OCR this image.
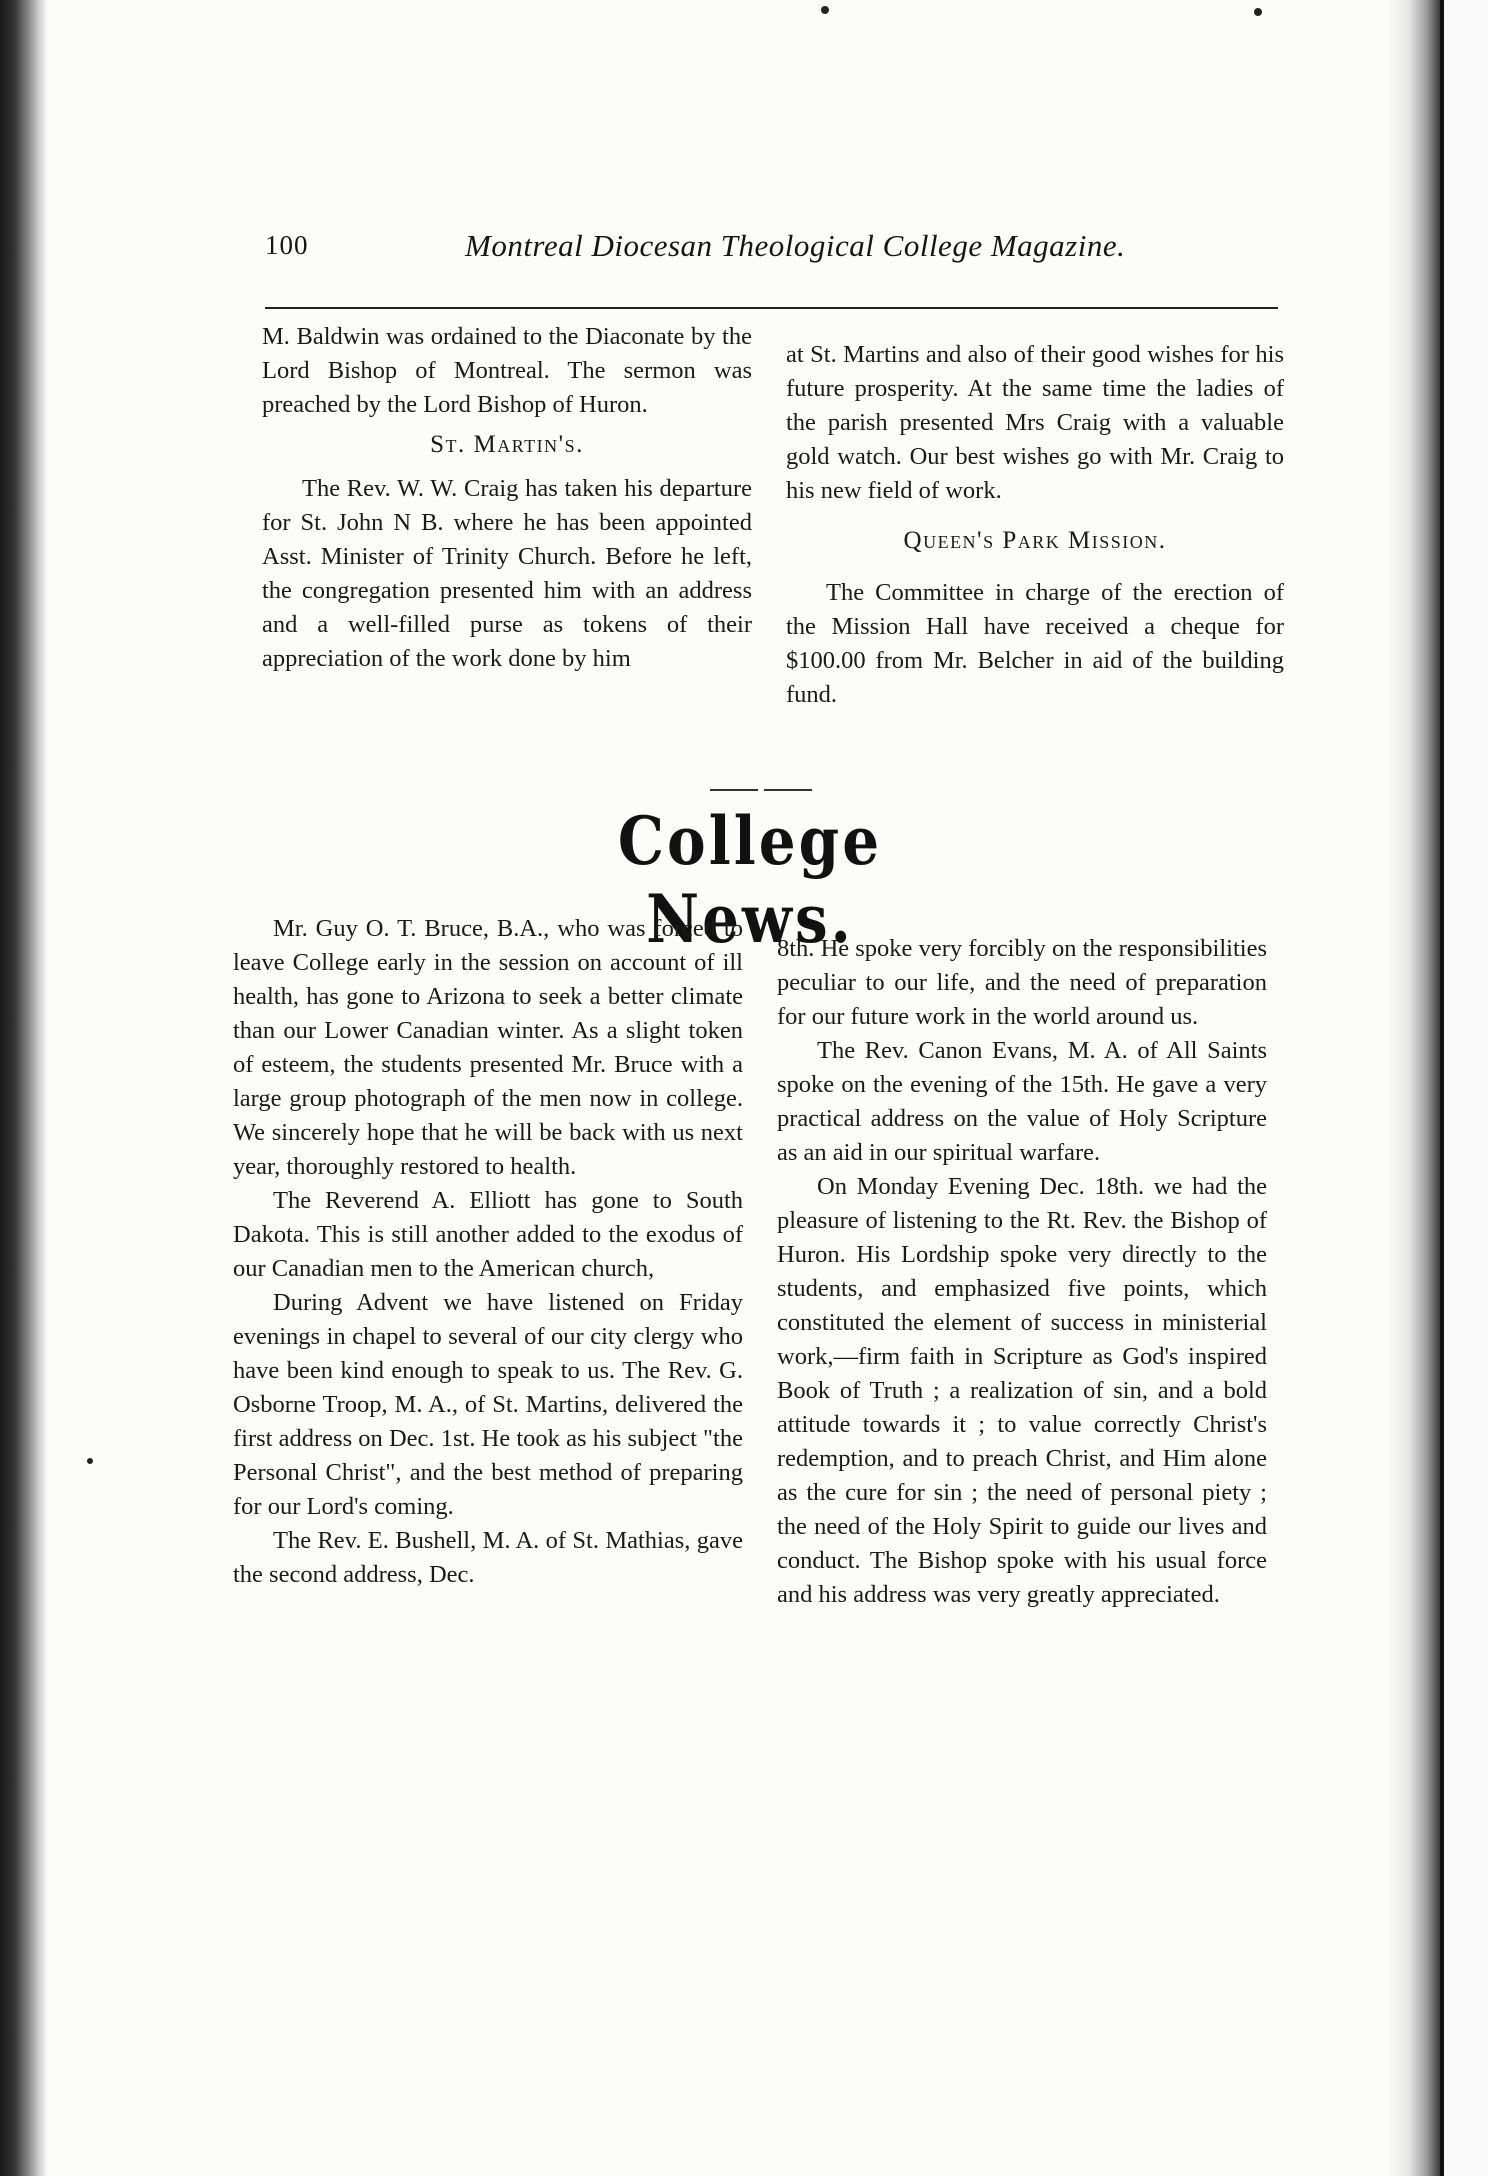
100	Montreal Diocesan Theological College Magazine.

M. Baldwin was ordained to the Diaconate by the Lord Bishop of Montreal. The sermon was preached by the Lord Bishop of Huron.

St. Martin's.

The Rev. W. W. Craig has taken his departure for St. John N B. where he has been appointed Asst. Minister of Trinity Church. Before he left, the congregation presented him with an address and a well-filled purse as tokens of their appreciation of the work done by him

at St. Martins and also of their good wishes for his future prosperity. At the same time the ladies of the parish presented Mrs Craig with a valuable gold watch. Our best wishes go with Mr. Craig to his new field of work.

Queen's Park Mission.

The Committee in charge of the erection of the Mission Hall have received a cheque for $100.00 from Mr. Belcher in aid of the building fund.

College News.

Mr. Guy O. T. Bruce, B.A., who was forced to leave College early in the session on account of ill health, has gone to Arizona to seek a better climate than our Lower Canadian winter. As a slight token of esteem, the students presented Mr. Bruce with a large group photograph of the men now in college. We sincerely hope that he will be back with us next year, thoroughly restored to health.

The Reverend A. Elliott has gone to South Dakota. This is still another added to the exodus of our Canadian men to the American church,

During Advent we have listened on Friday evenings in chapel to several of our city clergy who have been kind enough to speak to us. The Rev. G. Osborne Troop, M. A., of St. Martins, delivered the first address on Dec. 1st. He took as his subject "the Personal Christ", and the best method of preparing for our Lord's coming.

The Rev. E. Bushell, M. A. of St. Mathias, gave the second address, Dec.

8th. He spoke very forcibly on the responsibilities peculiar to our life, and the need of preparation for our future work in the world around us.

The Rev. Canon Evans, M. A. of All Saints spoke on the evening of the 15th. He gave a very practical address on the value of Holy Scripture as an aid in our spiritual warfare.

On Monday Evening Dec. 18th. we had the pleasure of listening to the Rt. Rev. the Bishop of Huron. His Lordship spoke very directly to the students, and emphasized five points, which constituted the element of success in ministerial work,—firm faith in Scripture as God's inspired Book of Truth ; a realization of sin, and a bold attitude towards it ; to value correctly Christ's redemption, and to preach Christ, and Him alone as the cure for sin ; the need of personal piety ; the need of the Holy Spirit to guide our lives and conduct. The Bishop spoke with his usual force and his address was very greatly appreciated.
